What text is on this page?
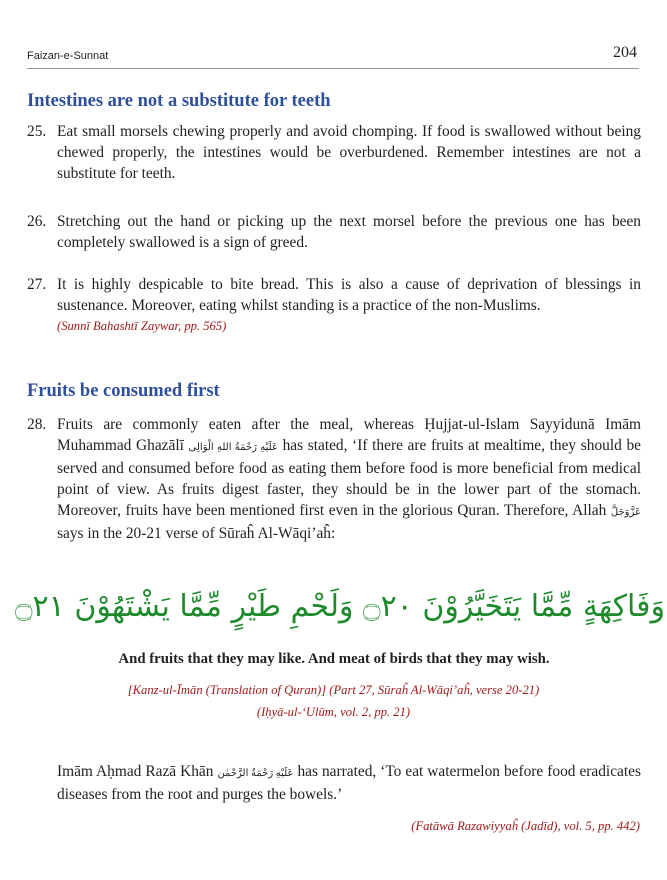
Faizan-e-Sunnat	204
Intestines are not a substitute for teeth
25. Eat small morsels chewing properly and avoid chomping. If food is swallowed without being chewed properly, the intestines would be overburdened. Remember intestines are not a substitute for teeth.
26. Stretching out the hand or picking up the next morsel before the previous one has been completely swallowed is a sign of greed.
27. It is highly despicable to bite bread. This is also a cause of deprivation of blessings in sustenance. Moreover, eating whilst standing is a practice of the non-Muslims.
(Sunnī Bahashtī Zaywar, pp. 565)
Fruits be consumed first
28. Fruits are commonly eaten after the meal, whereas Ḥujjat-ul-Islam Sayyidunā Imām Muhammad Ghazālī عَلَيْهِ رَحْمَةُ اللهِ الْوَالِى has stated, ‘If there are fruits at mealtime, they should be served and consumed before food as eating them before food is more beneficial from medical point of view. As fruits digest faster, they should be in the lower part of the stomach. Moreover, fruits have been mentioned first even in the glorious Quran. Therefore, Allah عَزَّوَجَلَّ says in the 20-21 verse of Sūraĥ Al-Wāqi’aĥ:
وَفَاكِهَةٍ مِّمَّا يَتَخَيَّرُوْنَ ۝٢٠ وَلَحْمِ طَيْرٍ مِّمَّا يَشْتَهُوْنَ ۝٢١
And fruits that they may like. And meat of birds that they may wish.
[Kanz-ul-Īmān (Translation of Quran)] (Part 27, Sūraĥ Al-Wāqi’aĥ, verse 20-21)
(Iḥyā-ul-‘Ulūm, vol. 2, pp. 21)
Imām Aḥmad Razā Khān عَلَيْهِ رَحْمَةُ الرَّحْمٰن has narrated, ‘To eat watermelon before food eradicates diseases from the root and purges the bowels.’
(Fatāwā Razawiyyaĥ (Jadīd), vol. 5, pp. 442)
